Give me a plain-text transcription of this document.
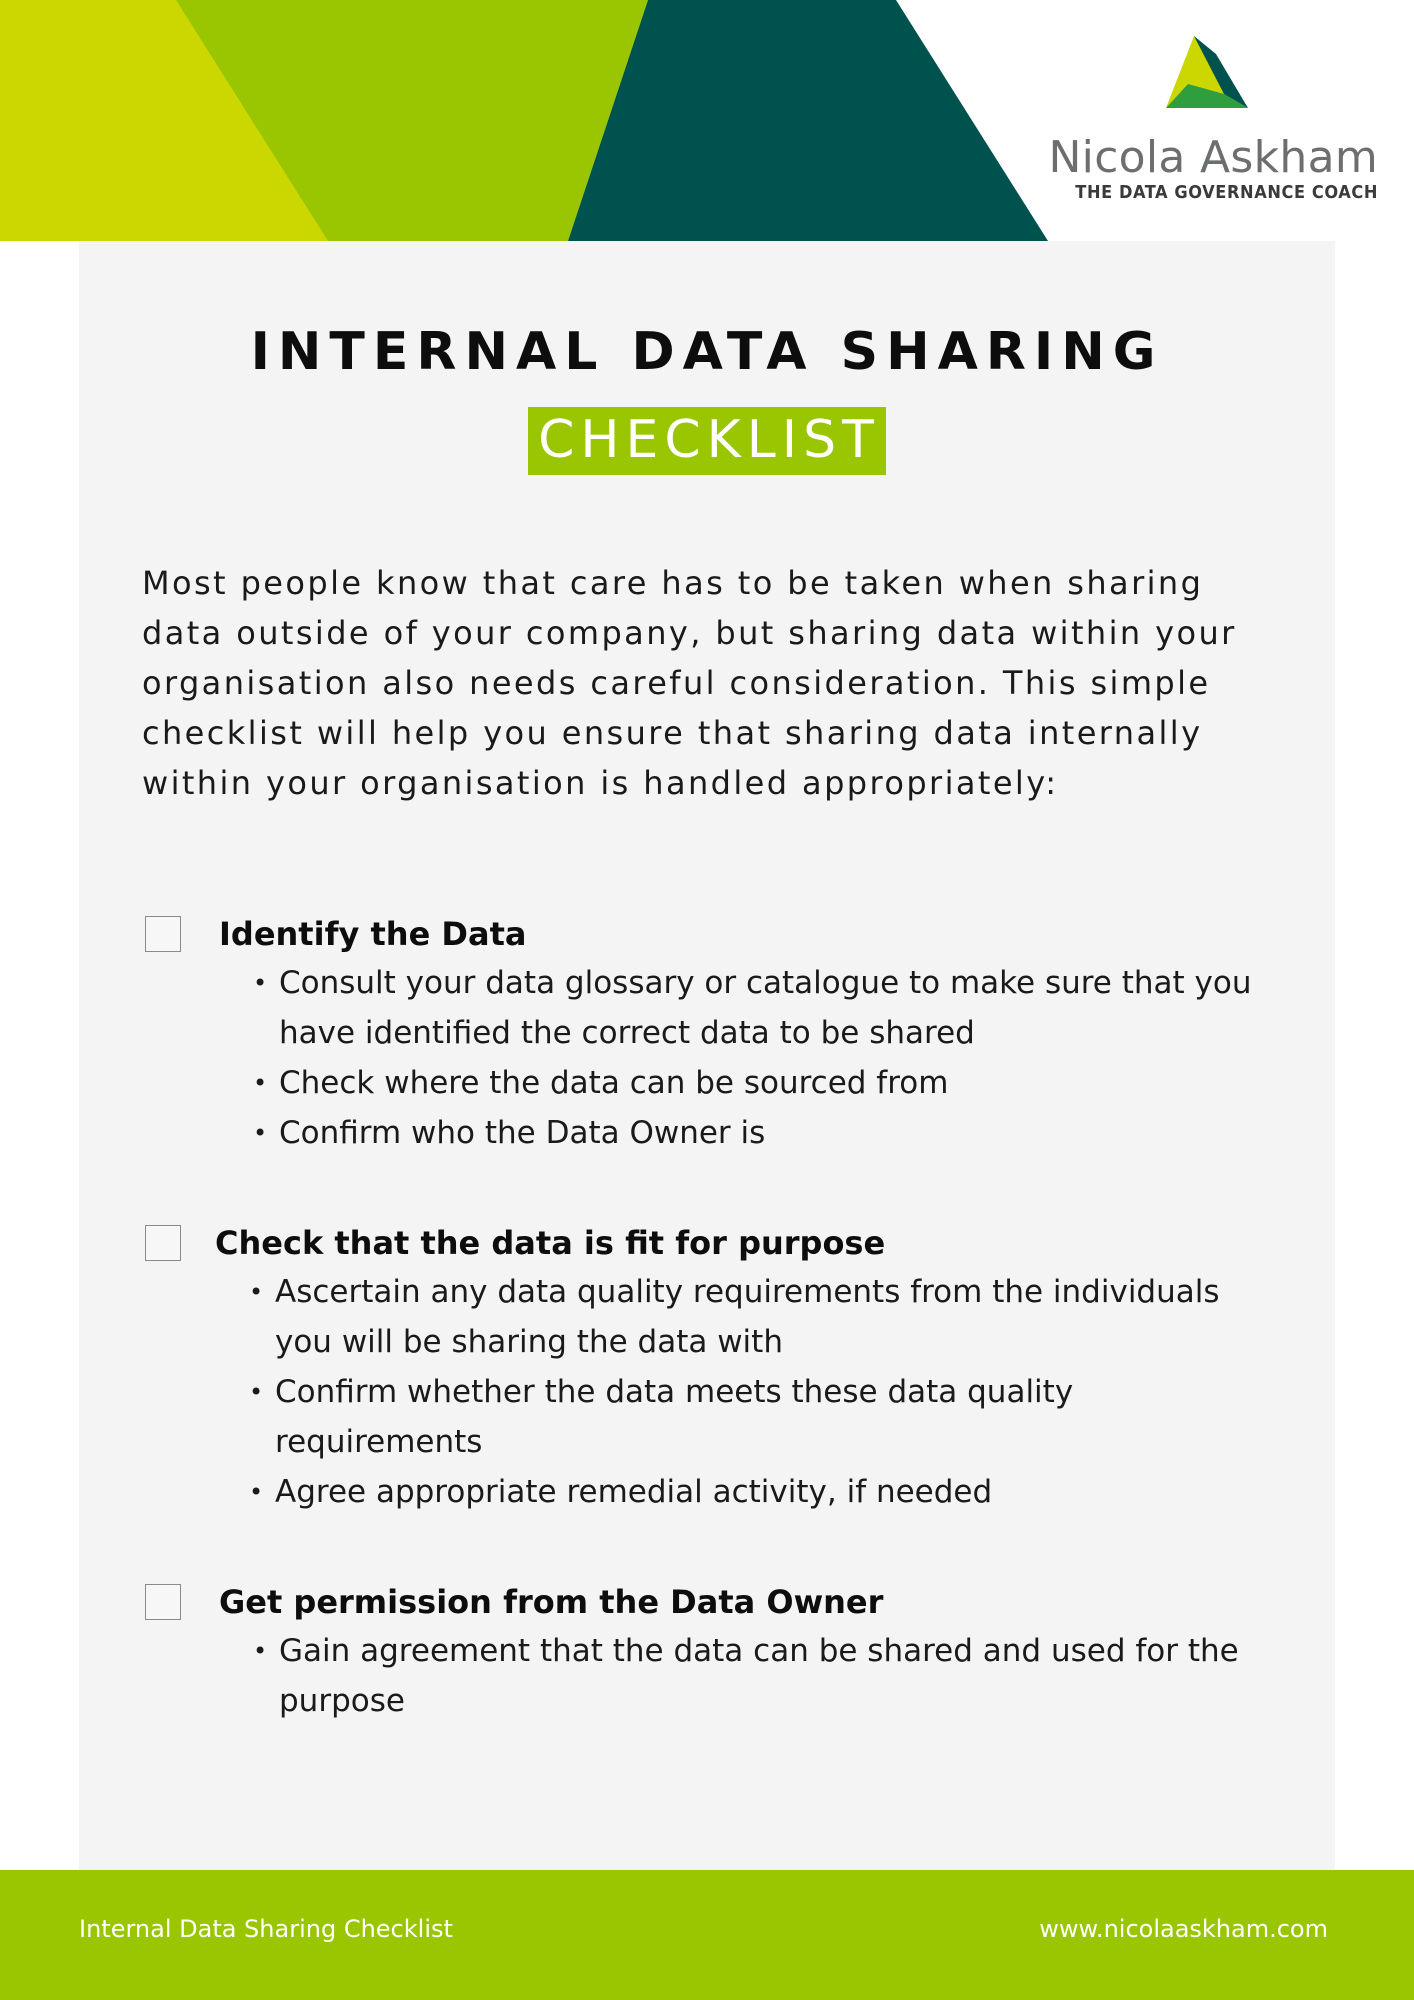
Nicola Askham
THE DATA GOVERNANCE COACH
INTERNAL DATA SHARING
CHECKLIST
Most people know that care has to be taken when sharing data outside of your company, but sharing data within your organisation also needs careful consideration. This simple checklist will help you ensure that sharing data internally within your organisation is handled appropriately:
Identify the Data
• Consult your data glossary or catalogue to make sure that you have identified the correct data to be shared
• Check where the data can be sourced from
• Confirm who the Data Owner is
Check that the data is fit for purpose
• Ascertain any data quality requirements from the individuals you will be sharing the data with
• Confirm whether the data meets these data quality requirements
• Agree appropriate remedial activity, if needed
Get permission from the Data Owner
• Gain agreement that the data can be shared and used for the purpose
Internal Data Sharing Checklist	www.nicolaaskham.com
